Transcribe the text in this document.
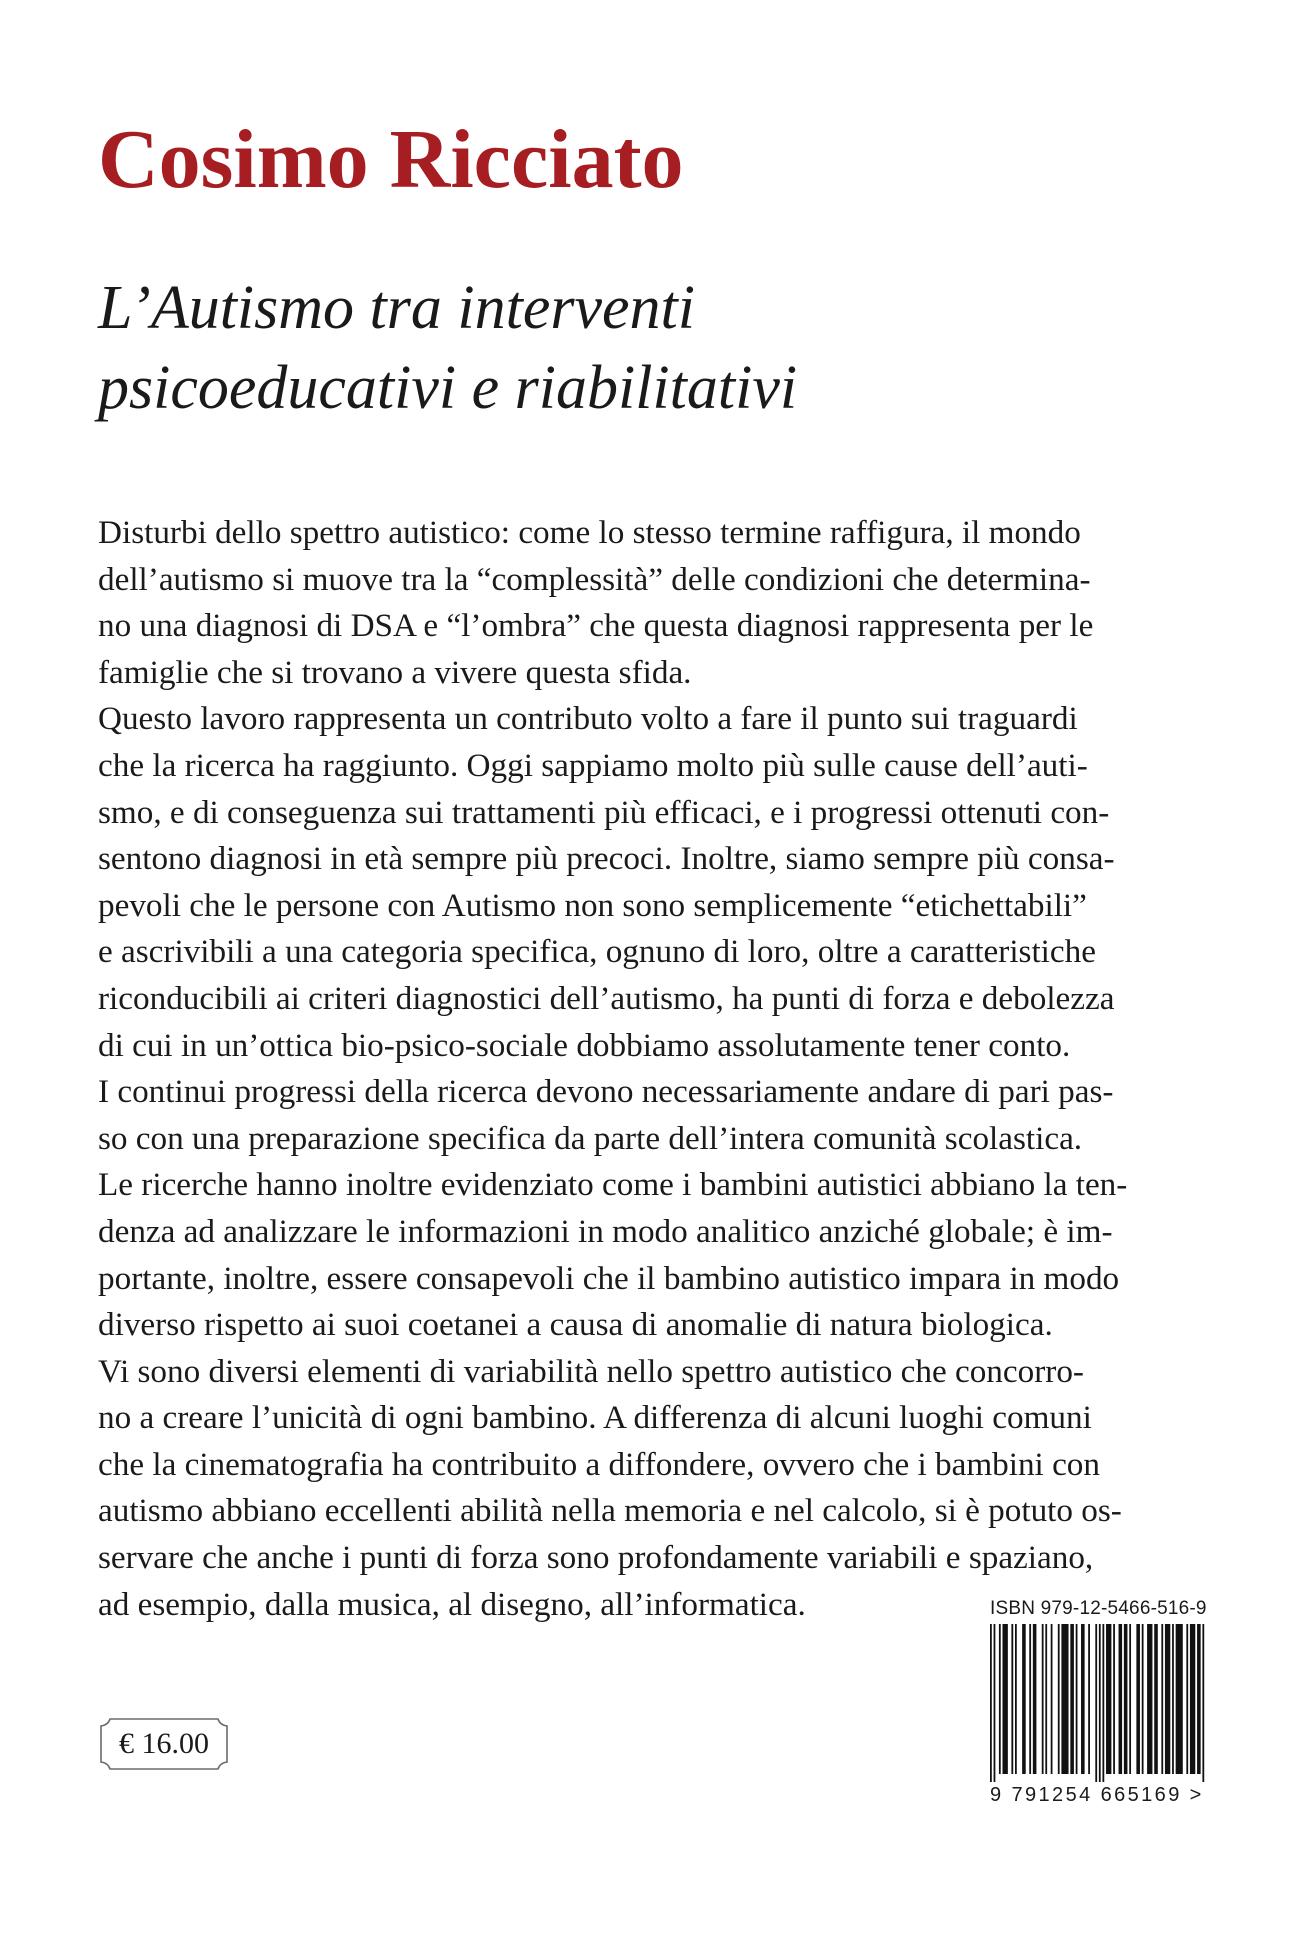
Cosimo Ricciato
L’Autismo tra interventi
psicoeducativi e riabilitativi
Disturbi dello spettro autistico: come lo stesso termine raffigura, il mondo
dell’autismo si muove tra la “complessità” delle condizioni che determina-
no una diagnosi di DSA e “l’ombra” che questa diagnosi rappresenta per le
famiglie che si trovano a vivere questa sfida.
Questo lavoro rappresenta un contributo volto a fare il punto sui traguardi
che la ricerca ha raggiunto. Oggi sappiamo molto più sulle cause dell’auti-
smo, e di conseguenza sui trattamenti più efficaci, e i progressi ottenuti con-
sentono diagnosi in età sempre più precoci. Inoltre, siamo sempre più consa-
pevoli che le persone con Autismo non sono semplicemente “etichettabili”
e ascrivibili a una categoria specifica, ognuno di loro, oltre a caratteristiche
riconducibili ai criteri diagnostici dell’autismo, ha punti di forza e debolezza
di cui in un’ottica bio-psico-sociale dobbiamo assolutamente tener conto.
I continui progressi della ricerca devono necessariamente andare di pari pas-
so con una preparazione specifica da parte dell’intera comunità scolastica.
Le ricerche hanno inoltre evidenziato come i bambini autistici abbiano la ten-
denza ad analizzare le informazioni in modo analitico anziché globale; è im-
portante, inoltre, essere consapevoli che il bambino autistico impara in modo
diverso rispetto ai suoi coetanei a causa di anomalie di natura biologica.
Vi sono diversi elementi di variabilità nello spettro autistico che concorro-
no a creare l’unicità di ogni bambino. A differenza di alcuni luoghi comuni
che la cinematografia ha contribuito a diffondere, ovvero che i bambini con
autismo abbiano eccellenti abilità nella memoria e nel calcolo, si è potuto os-
servare che anche i punti di forza sono profondamente variabili e spaziano,
ad esempio, dalla musica, al disegno, all’informatica.	ISBN 979-12-5466-516-9
9 791254 665169 >
€ 16.00
